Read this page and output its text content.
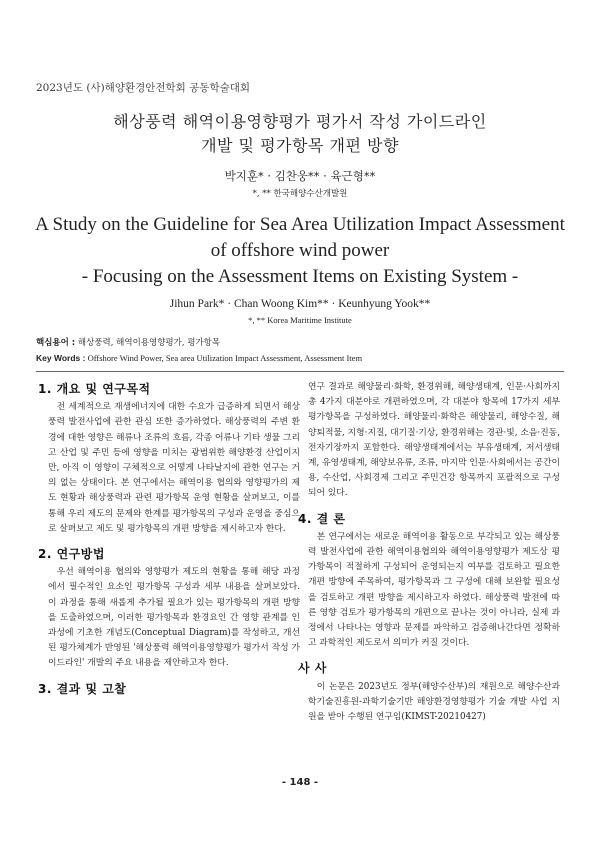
2023년도 (사)해양환경안전학회 공동학술대회
해상풍력 해역이용영향평가 평가서 작성 가이드라인
개발 및 평가항목 개편 방향
박지훈* · 김찬웅** · 육근형**
*, ** 한국해양수산개발원
A Study on the Guideline for Sea Area Utilization Impact Assessment
of offshore wind power
- Focusing on the Assessment Items on Existing System -
Jihun Park* · Chan Woong Kim** · Keunhyung Yook**
*, ** Korea Maritime Institute
핵심용어 : 해상풍력, 해역이용영향평가, 평가항목
Key Words : Offshore Wind Power, Sea area Utilization Impact Assessment, Assessment Item
1. 개요 및 연구목적

전 세계적으로 재생에너지에 대한 수요가 급증하게 되면서 해상풍력 발전사업에 관한 관심 또한 증가하였다. 해상풍력의 주변 환경에 대한 영향은 해류나 조류의 흐름, 각종 어류나 기타 생물 그리고 산업 및 주민 등에 영향을 미치는 광범위한 해양환경 산업이지만, 아직 이 영향이 구체적으로 어떻게 나타날지에 관한 연구는 거의 없는 상태이다. 본 연구에서는 해역이용 협의와 영향평가의 제도 현황과 해상풍력과 관련 평가항목 운영 현황을 살펴보고, 이를 통해 우리 제도의 문제와 한계를 평가항목의 구성과 운영을 중심으로 살펴보고 제도 및 평가항목의 개편 방향을 제시하고자 한다.

2. 연구방법

우선 해역이용 협의와 영향평가 제도의 현황을 통해 해당 과정에서 필수적인 요소인 평가항목 구성과 세부 내용을 살펴보았다. 이 과정을 통해 새롭게 추가될 필요가 있는 평가항목의 개편 방향을 도출하였으며, 이러한 평가항목과 환경요인 간 영향 관계를 인과성에 기초한 개념도(Conceptual Diagram)를 작성하고, 개선된 평가체계가 반영된 '해상풍력 해역이용영향평가 평가서 작성 가이드라인' 개발의 주요 내용을 제안하고자 한다.

3. 결과 및 고찰

연구 결과로 해양물리·화학, 환경위해, 해양생태계, 인문·사회까지 총 4가지 대분야로 개편하였으며, 각 대분야 항목에 17가지 세부 평가항목을 구성하였다. 해양물리·화학은 해양물리, 해양수질, 해양퇴적물, 지형·지질, 대기질·기상, 환경위해는 경관·빛, 소음·진동, 전자기장까지 포함한다. 해양생태계에서는 부유생태계, 저서생태계, 유영생태계, 해양보유류, 조류, 마지막 인문·사회에서는 공간이용, 수산업, 사회경제 그리고 주민건강 항목까지 포괄적으로 구성되어 있다.

4. 결 론

본 연구에서는 새로운 해역이용 활동으로 부각되고 있는 해상풍력 발전사업에 관한 해역이용협의와 해역이용영향평가 제도상 평가항목이 적절하게 구성되어 운영되는지 여부를 검토하고 필요한 개편 방향에 주목하여, 평가항목과 그 구성에 대해 보완할 필요성을 검토하고 개편 방향을 제시하고자 하였다. 해상풍력 발전에 따른 영향 검토가 평가항목의 개편으로 끝나는 것이 아니라, 실제 과정에서 나타나는 영향과 문제를 파악하고 검증해나간다면 정확하고 과학적인 제도로서 의미가 커질 것이다.

사 사

이 논문은 2023년도 정부(해양수산부)의 재원으로 해양수산과학기술진흥원-과학기술기반 해양환경영향평가 기술 개발 사업 지원을 받아 수행된 연구임(KIMST-20210427)

- 148 -
